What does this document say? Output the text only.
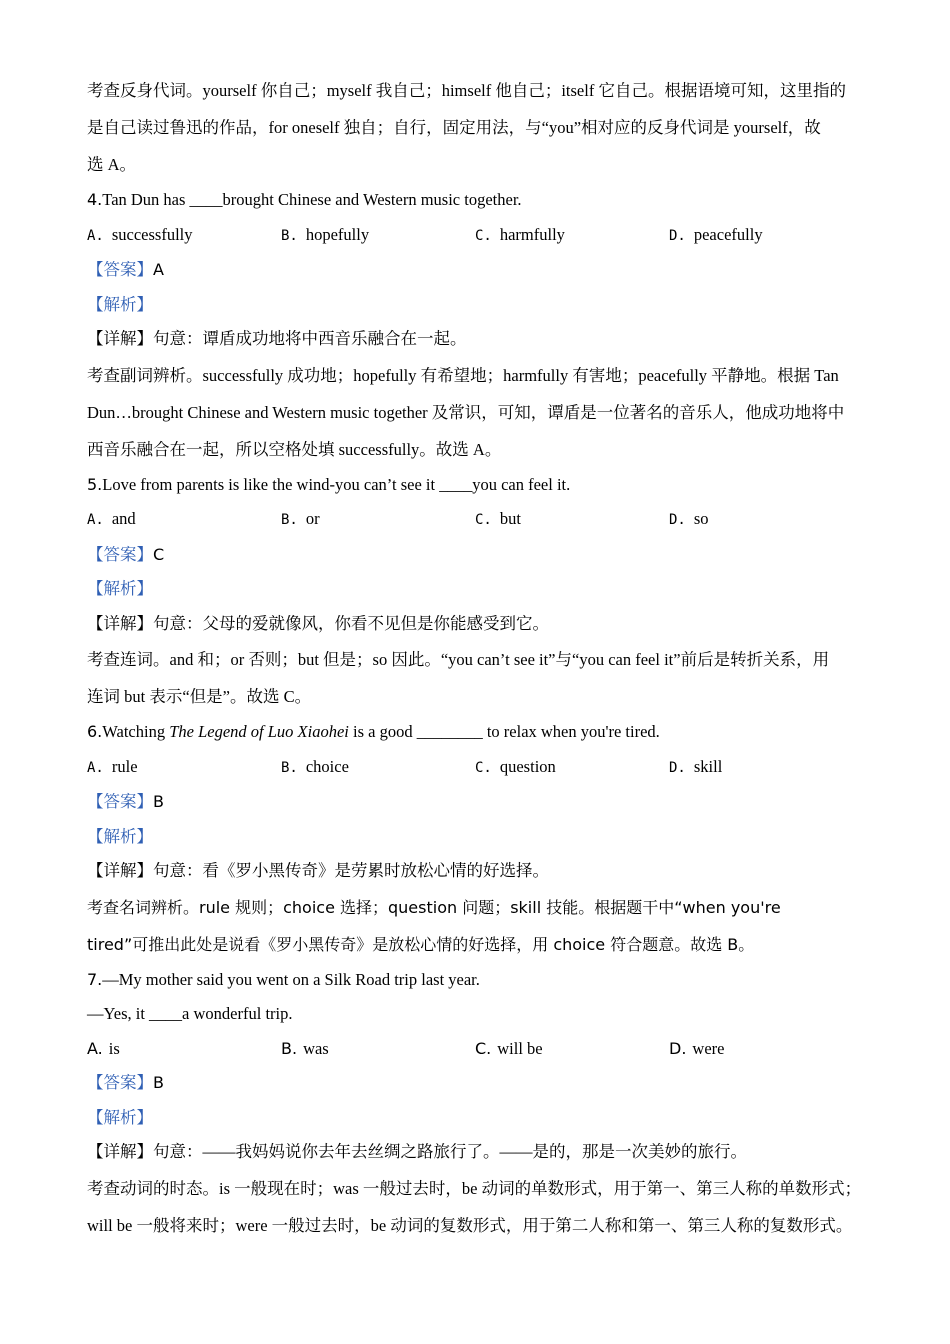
考查反身代词。yourself 你自己；myself 我自己；himself 他自己；itself 它自己。根据语境可知，这里指的
是自己读过鲁迅的作品，for oneself 独自；自行，固定用法，与“you”相对应的反身代词是 yourself，故
选 A。
4.Tan Dun has ____brought Chinese and Western music together.
A. successfully	B. hopefully	C. harmfully	D. peacefully
【答案】A
【解析】
【详解】句意：谭盾成功地将中西音乐融合在一起。
考查副词辨析。successfully 成功地；hopefully 有希望地；harmfully 有害地；peacefully 平静地。根据 Tan
Dun…brought Chinese and Western music together 及常识，可知，谭盾是一位著名的音乐人，他成功地将中
西音乐融合在一起，所以空格处填 successfully。故选 A。
5.Love from parents is like the wind-you can’t see it ____you can feel it.
A. and	B. or	C. but	D. so
【答案】C
【解析】
【详解】句意：父母的爱就像风，你看不见但是你能感受到它。
考查连词。and 和；or 否则；but 但是；so 因此。“you can’t see it”与“you can feel it”前后是转折关系，用
连词 but 表示“但是”。故选 C。
6.Watching The Legend of Luo Xiaohei is a good ________ to relax when you're tired.
A. rule	B. choice	C. question	D. skill
【答案】B
【解析】
【详解】句意：看《罗小黑传奇》是劳累时放松心情的好选择。
考查名词辨析。rule 规则；choice 选择；question 问题；skill 技能。根据题干中“when you're
tired”可推出此处是说看《罗小黑传奇》是放松心情的好选择，用 choice 符合题意。故选 B。
7.—My mother said you went on a Silk Road trip last year.
—Yes, it ____a wonderful trip.
A. is	B. was	C. will be	D. were
【答案】B
【解析】
【详解】句意：——我妈妈说你去年去丝绸之路旅行了。——是的，那是一次美妙的旅行。
考查动词的时态。is 一般现在时；was 一般过去时，be 动词的单数形式，用于第一、第三人称的单数形式；
will be 一般将来时；were 一般过去时，be 动词的复数形式，用于第二人称和第一、第三人称的复数形式。
